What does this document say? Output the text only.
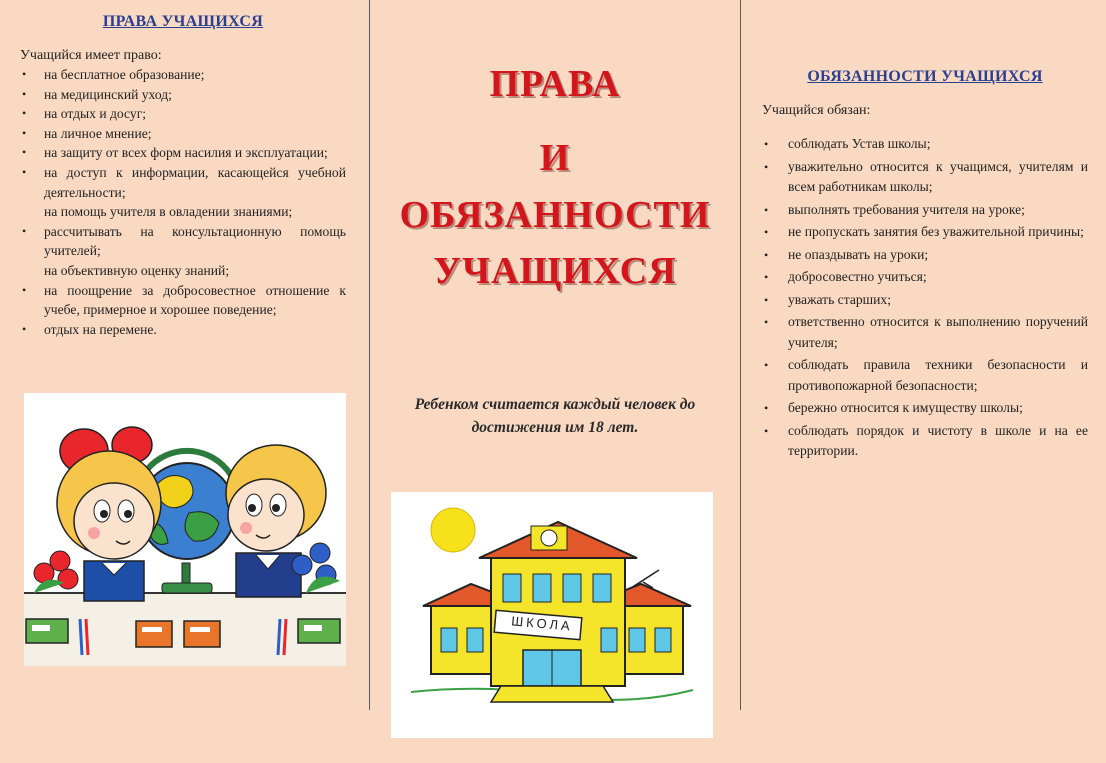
ПРАВА УЧАЩИХСЯ
Учащийся имеет право:
• на бесплатное образование;
• на медицинский уход;
• на отдых и досуг;
• на личное мнение;
• на защиту от всех форм насилия и эксплуатации;
• на доступ к информации, касающейся учебной деятельности;
на помощь учителя в овладении знаниями;
• рассчитывать на консультационную помощь учителей;
на объективную оценку знаний;
• на поощрение за добросовестное отношение к учебе, примерное и хорошее поведение;
• отдых на перемене.
ПРАВА
И
ОБЯЗАННОСТИ
УЧАЩИХСЯ
Ребенком считается каждый человек до достижения им 18 лет.
ШКОЛА
ОБЯЗАННОСТИ УЧАЩИХСЯ
Учащийся обязан:
• соблюдать Устав школы;
• уважительно относится к учащимся, учителям и всем работникам школы;
• выполнять требования учителя на уроке;
• не пропускать занятия без уважительной причины;
• не опаздывать на уроки;
• добросовестно учиться;
• уважать старших;
• ответственно относится к выполнению поручений учителя;
• соблюдать правила техники безопасности и противопожарной безопасности;
• бережно относится к имуществу школы;
• соблюдать порядок и чистоту в школе и на ее территории.
